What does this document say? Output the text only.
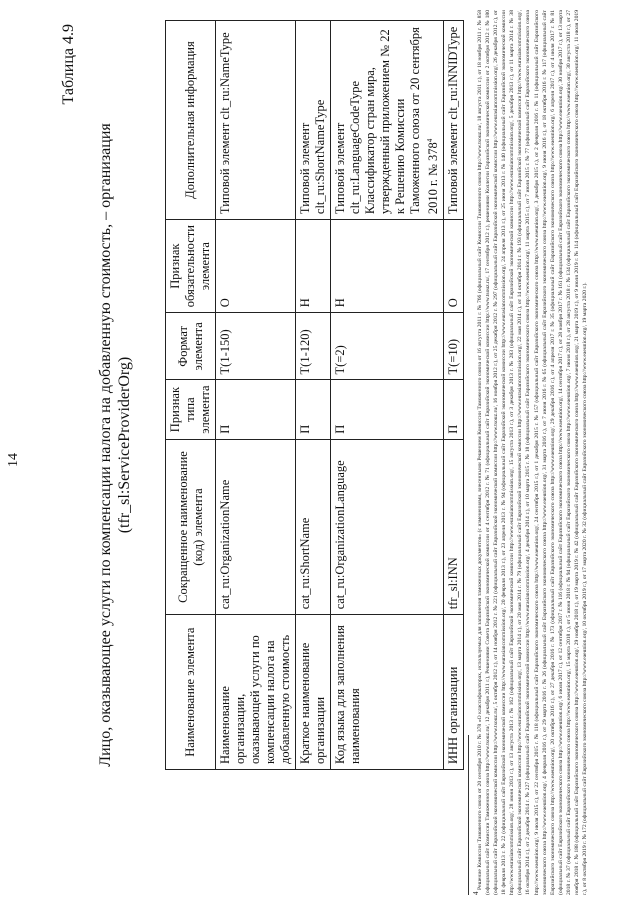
14
Таблица 4.9
Лицо, оказывающее услуги по компенсации налога на добавленную стоимость, – организация (tfr_sl:ServiceProviderOrg)
Наименование элемента	Сокращенное наименование (код) элемента	Признак типа элемента	Формат элемента	Признак обязательности элемента	Дополнительная информация
Наименование организации, оказывающей услуги по компенсации налога на добавленную стоимость	cat_ru:OrganizationName	П	T(1-150)	О	Типовой элемент clt_ru:NameType

Краткое наименование организации	cat_ru:ShortName	П	T(1-120)	Н	Типовой элемент clt_ru:ShortNameType

Код языка для заполнения наименования	cat_ru:OrganizationLanguage	П	T(=2)	Н	Типовой элемент clt_ru:LanguageCodeType Классификатор стран мира, утвержденный приложением № 22 к Решению Комиссии Таможенного союза от 20 сентября 2010 г. № $378^4$

ИНН организации	tfr_sl:INN	П	T(=10)	О	Типовой элемент clt_ru:INNIDType
$^4$ Решение Комиссии Таможенного союза от 20 сентября 2010 г. № 378 «О классификаторах, используемых для заполнения таможенных документов» (с изменениями, внесенными Решением Комиссии Таможенного союза от 16 августа 2011 г. № 766 (официальный сайт Комиссии Таможенного союза http://www.tsouz.ru/, 18 августа 2011 г.), от 18 ноября 2011 г. № 858 (официальный сайт Комиссии Таможенного союза http://www.tsouz.ru/, 12 декабря 2011 г.), Решениями Совета Евразийской экономической комиссии от 4 сентября 2012 г. № 71 (официальный сайт Евразийской экономической комиссии http://www.tsouz.ru/, 17 сентября 2012 г.), решениями Коллегии Евразийской экономической комиссии от 2 октября 2012 г. № 180 (официальный сайт Евразийской экономической комиссии http://www.tsouz.ru/, 5 октября 2012 г.), от 14 ноября 2012 г. № 221 (официальный сайт Евразийской экономической комиссии http://www.tsouz.ru/, 16 ноября 2012 г.), от 25 декабря 2012 г. № 297 (официальный сайт Евразийской экономической комиссии http://www.eurasiancommission.org/, 26 декабря 2012 г.), от 18 февраля 2013 г. № 22 (официальный сайт Евразийской экономической комиссии http://www.eurasiancommission.org/, 20 февраля 2013 г.), от 23 апреля 2013 г. № 94 (официальный сайт Евразийской экономической комиссии http://www.eurasiancommission.org/, 24 апреля 2013 г.), от 25 июня 2013 г. № 140 (официальный сайт Евразийской экономической комиссии http://www.eurasiancommission.org/, 28 июня 2013 г.), от 13 августа 2013 г. № 162 (официальный сайт Евразийской экономической комиссии http://www.eurasiancommission.org/, 15 августа 2013 г.), от 3 декабря 2013 г. № 283 (официальный сайт Евразийской экономической комиссии http://www.eurasiancommission.org/, 5 декабря 2013 г.), от 11 марта 2014 г. № 38 (официальный сайт Евразийской экономической комиссии http://www.eurasiancommission.org/, 13 марта 2014 г.), от 20 мая 2014 г. № 79 (официальный сайт Евразийской экономической комиссии http://www.eurasiancommission.org/, 22 мая 2014 г.), от 14 октября 2014 г. № 193 (официальный сайт Евразийской экономической комиссии http://www.eurasiancommission.org/, 16 октября 2014 г.), от 2 декабря 2014 г. № 227 (официальный сайт Евразийской экономической комиссии http://www.eurasiancommission.org/, 4 декабря 2014 г.), от 10 марта 2015 г. № 18 (официальный сайт Евразийского экономического союза http://www.eaeunion.org/, 11 марта 2015 г.), от 7 июля 2015 г. № 77 (официальный сайт Евразийского экономического союза http://www.eaeunion.org/, 9 июля 2015 г.), от 22 сентября 2015 г. № 118 (официальный сайт Евразийского экономического союза http://www.eaeunion.org/, 24 сентября 2015 г.), от 1 декабря 2015 г. № 157 (официальный сайт Евразийского экономического союза http://www.eaeunion.org/, 3 декабря 2015 г.), от 2 февраля 2016 г. № 11 (официальный сайт Евразийского экономического союза http://www.eaeunion.org/, 4 февраля 2016 г.), от 29 марта 2016 г. № 26 (официальный сайт Евразийского экономического союза http://www.eaeunion.org/, 31 марта 2016 г.), от 7 июня 2016 г. № 65 (официальный сайт Евразийского экономического союза http://www.eaeunion.org/, 9 июня 2016 г.), от 18 октября 2016 г. № 117 (официальный сайт Евразийского экономического союза http://www.eaeunion.org/, 20 октября 2016 г.), от 27 декабря 2016 г. № 173 (официальный сайт Евразийского экономического союза http://www.eaeunion.org/, 29 декабря 2016 г.), от 4 апреля 2017 г. № 35 (официальный сайт Евразийского экономического союза http://www.eaeunion.org/, 6 апреля 2017 г.), от 4 июля 2017 г. № 81 (официальный сайт Евразийского экономического союза http://www.eaeunion.org/, 6 июля 2017 г.), от 12 сентября 2017 г. № 116 (официальный сайт Евразийского экономического союза http://www.eaeunion.org/, 14 сентября 2017 г.), от 28 ноября 2017 г. № 161 (официальный сайт Евразийского экономического союза http://www.eaeunion.org/, 30 ноября 2017 г.), от 13 марта 2018 г. № 37 (официальный сайт Евразийского экономического союза http://www.eaeunion.org/, 15 марта 2018 г.), от 5 июня 2018 г. № 94 (официальный сайт Евразийского экономического союза http://www.eaeunion.org/, 7 июня 2018 г.), от 28 августа 2018 г. № 134 (официальный сайт Евразийского экономического союза http://www.eaeunion.org/, 30 августа 2018 г.), от 27 ноября 2018 г. № 188 (официальный сайт Евразийского экономического союза http://www.eaeunion.org/, 29 ноября 2018 г.), от 19 марта 2019 г. № 42 (официальный сайт Евразийского экономического союза http://www.eaeunion.org/, 21 марта 2019 г.), от 9 июля 2019 г. № 114 (официальный сайт Евразийского экономического союза http://www.eaeunion.org/, 11 июля 2019 г.), от 8 октября 2019 г. № 172 (официальный сайт Евразийского экономического союза http://www.eaeunion.org/, 10 октября 2019 г.), от 17 марта 2020 г. № 32 (официальный сайт Евразийского экономического союза http://www.eaeunion.org/, 19 марта 2020 г.).
